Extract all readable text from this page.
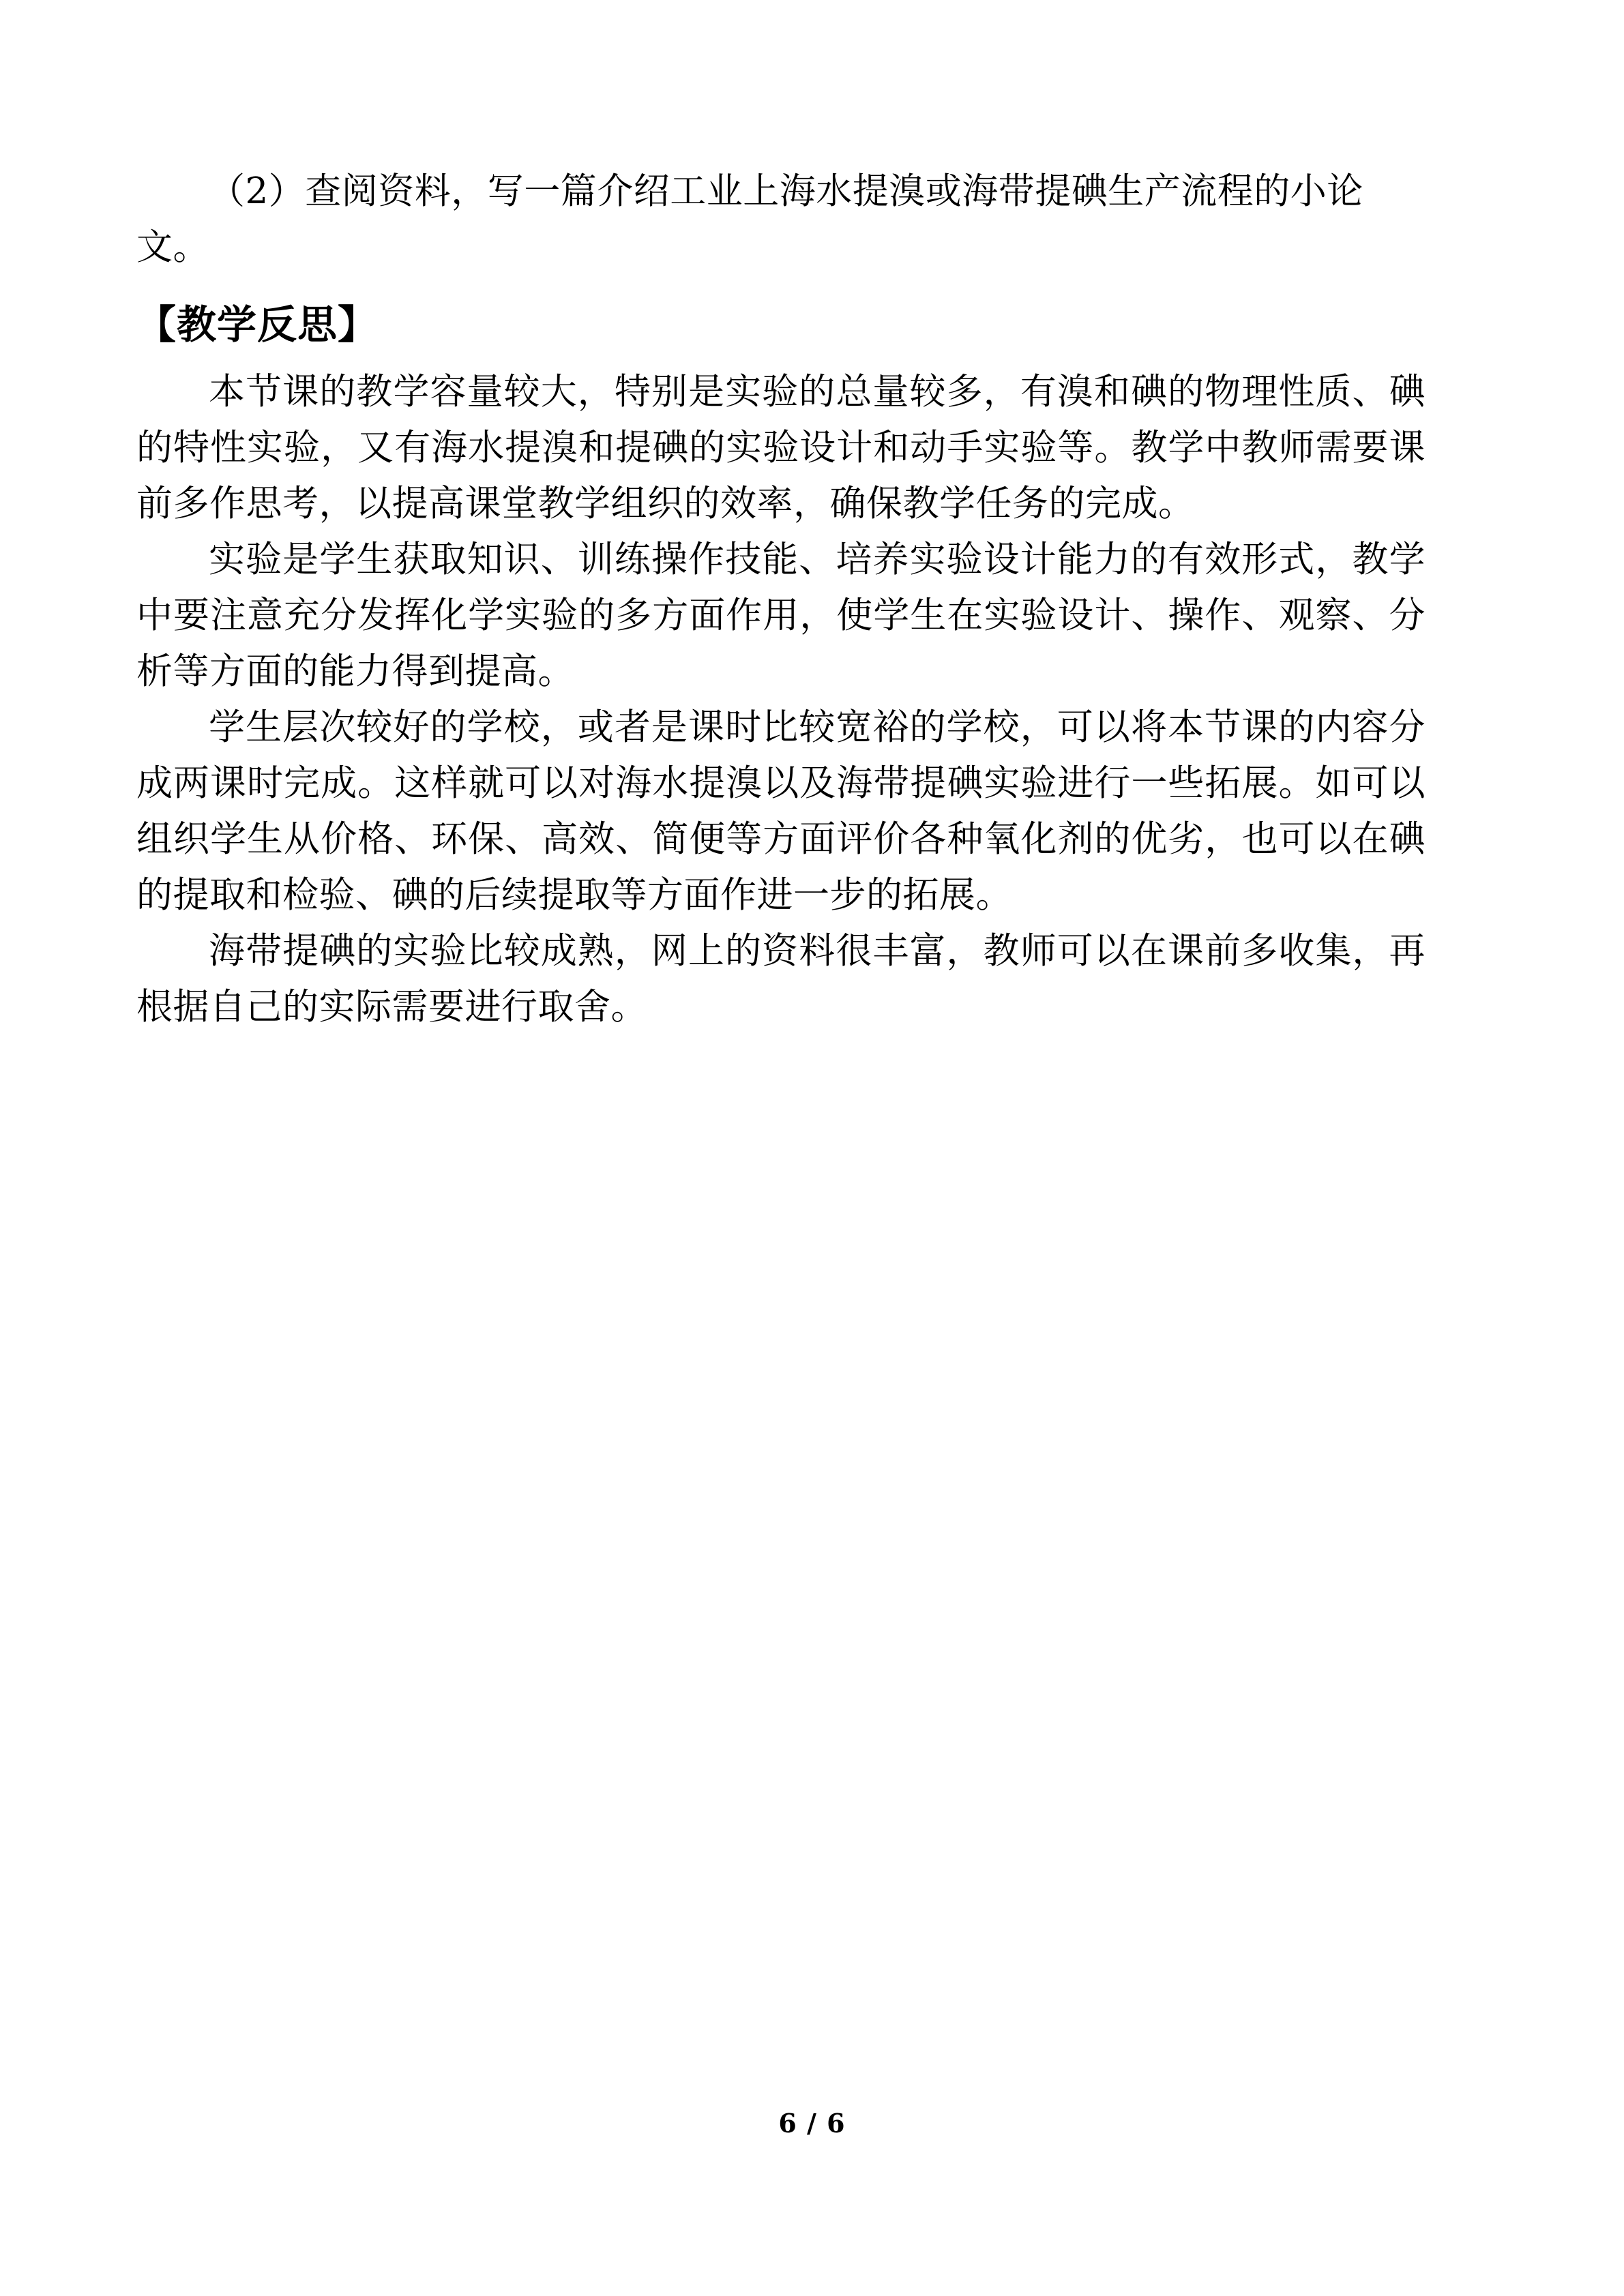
（2）查阅资料，写一篇介绍工业上海水提溴或海带提碘生产流程的小论文。

【教学反思】

本节课的教学容量较大，特别是实验的总量较多，有溴和碘的物理性质、碘的特性实验，又有海水提溴和提碘的实验设计和动手实验等。教学中教师需要课前多作思考，以提高课堂教学组织的效率，确保教学任务的完成。

实验是学生获取知识、训练操作技能、培养实验设计能力的有效形式，教学中要注意充分发挥化学实验的多方面作用，使学生在实验设计、操作、观察、分析等方面的能力得到提高。

学生层次较好的学校，或者是课时比较宽裕的学校，可以将本节课的内容分成两课时完成。这样就可以对海水提溴以及海带提碘实验进行一些拓展。如可以组织学生从价格、环保、高效、简便等方面评价各种氧化剂的优劣，也可以在碘的提取和检验、碘的后续提取等方面作进一步的拓展。

海带提碘的实验比较成熟，网上的资料很丰富，教师可以在课前多收集，再根据自己的实际需要进行取舍。

6 / 6
